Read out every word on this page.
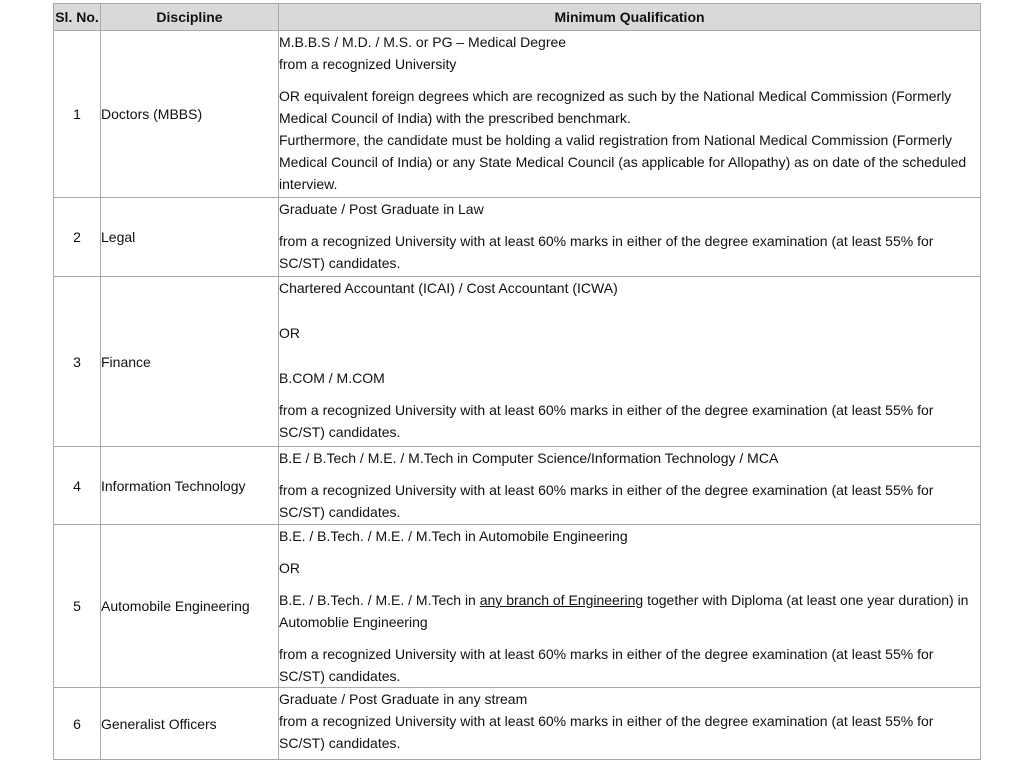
Sl. No.	Discipline	Minimum Qualification
1	Doctors (MBBS)	M.B.B.S / M.D. / M.S. or PG – Medical Degree

from a recognized University

OR equivalent foreign degrees which are recognized as such by the National Medical Commission (Formerly Medical Council of India) with the prescribed benchmark.

Furthermore, the candidate must be holding a valid registration from National Medical Commission (Formerly Medical Council of India) or any State Medical Council (as applicable for Allopathy) as on date of the scheduled interview.

2	Legal	Graduate / Post Graduate in Law

from a recognized University with at least 60% marks in either of the degree examination (at least 55% for SC/ST) candidates.

3	Finance	Chartered Accountant (ICAI) / Cost Accountant (ICWA)

OR

B.COM / M.COM

from a recognized University with at least 60% marks in either of the degree examination (at least 55% for SC/ST) candidates.

4	Information Technology	B.E / B.Tech / M.E. / M.Tech in Computer Science/Information Technology / MCA

from a recognized University with at least 60% marks in either of the degree examination (at least 55% for SC/ST) candidates.

5	Automobile Engineering	B.E. / B.Tech. / M.E. / M.Tech in Automobile Engineering

OR

B.E. / B.Tech. / M.E. / M.Tech in any branch of Engineering together with Diploma (at least one year duration) in Automoblie Engineering

from a recognized University with at least 60% marks in either of the degree examination (at least 55% for SC/ST) candidates.

6	Generalist Officers	Graduate / Post Graduate in any stream

from a recognized University with at least 60% marks in either of the degree examination (at least 55% for SC/ST) candidates.
